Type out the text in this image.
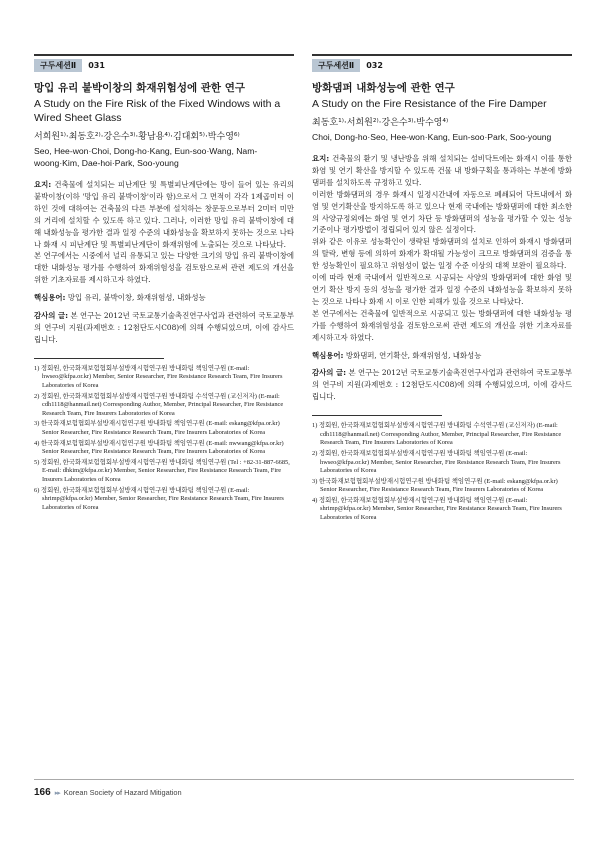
구두세션Ⅱ	031
망입 유리 붙박이창의 화재위험성에 관한 연구
A Study on the Fire Risk of the Fixed Windows with a Wired Sheet Glass
서희원¹⁾·최동호²⁾·강은수³⁾·황남용⁴⁾·김대회⁵⁾·박수영⁶⁾
Seo, Hee-won·Choi, Dong-ho·Kang, Eun-soo·Wang, Nam-woong·Kim, Dae-hoi·Park, Soo-young

요지: 건축물에 설치되는 피난계단 및 특별피난계단에는 망이 들어 있는 유리의 붙박이창(이하 '망입 유리 붙박이창'이라 함)으로서 그 면적이 각각 1제곱미터 이하인 것에 대하여는 건축물의 다른 부분에 설치하는 창문등으로부터 2미터 미만의 거리에 설치할 수 있도록 하고 있다. 그러나, 이러한 망입 유리 붙박이창에 대해 내화성능을 평가한 결과 일정 수준의 내화성능을 확보하지 못하는 것으로 나타나 화재 시 피난계단 및 특별피난계단이 화재위험에 노출되는 것으로 나타났다.

본 연구에서는 시중에서 널리 유통되고 있는 다양한 크기의 망입 유리 붙박이창에 대한 내화성능 평가를 수행하여 화재위험성을 검토함으로써 관련 제도의 개선을 위한 기초자료를 제시하고자 하였다.

핵심용어: 망입 유리, 붙박이창, 화재위험성, 내화성능
감사의 글: 본 연구는 2012년 국토교통기술촉진연구사업과 관련하여 국토교통부의 연구비 지원(과제번호 : 12첨단도시C08)에 의해 수행되었으며, 이에 감사드립니다.
1) 정회원, 한국화재보험협회부설방재시험연구원 방내화팀 책임연구원 (E-mail: hwseo@kfpa.or.kr) Member, Senior Researcher, Fire Resistance Research Team, Fire Insurers Laboratories of Korea
2) 정회원, 한국화재보험협회부설방재시험연구원 방내화팀 수석연구원 (교신저자) (E-mail: cdh1118@hanmail.net) Corresponding Author, Member, Principal Researcher, Fire Resistance Research Team, Fire Insurers Laboratories of Korea
3) 한국화재보험협회부설방재시험연구원 방내화팀 책임연구원 (E-mail: eskang@kfpa.or.kr) Senior Researcher, Fire Resistance Research Team, Fire Insurers Laboratories of Korea
4) 한국화재보험협회부설방재시험연구원 방내화팀 책임연구원 (E-mail: nwwang@kfpa.or.kr) Senior Researcher, Fire Resistance Research Team, Fire Insurers Laboratories of Korea
5) 정회원, 한국화재보험협회부설방재시험연구원 방내화팀 책임연구원 (Tel : +82-31-887-6685, E-mail: dhkim@kfpa.or.kr) Member, Senior Researcher, Fire Resistance Research Team, Fire Insurers Laboratories of Korea
6) 정회원, 한국화재보험협회부설방재시험연구원 방내화팀 책임연구원 (E-mail: shrimp@kfpa.or.kr) Member, Senior Researcher, Fire Resistance Research Team, Fire Insurers Laboratories of Korea
구두세션Ⅱ	032
방화댐퍼 내화성능에 관한 연구
A Study on the Fire Resistance of the Fire Damper
최동호¹⁾·서희원²⁾·강은수³⁾·박수영⁴⁾
Choi, Dong-ho·Seo, Hee-won·Kang, Eun-soo·Park, Soo-young

요지: 건축물의 환기 및 냉난방을 위해 설치되는 설비닥트에는 화재시 이를 통한 화염 및 연기 확산을 방지할 수 있도록 건물 내 방화구획을 통과하는 부분에 방화댐퍼를 설치하도록 규정하고 있다.

이러한 방화댐퍼의 경우 화재시 일정시간내에 자동으로 폐쇄되어 닥트내에서 화염 및 연기확산을 방지하도록 하고 있으나 현재 국내에는 방화댐퍼에 대한 최소한의 사양규정외에는 화염 및 연기 차단 등 방화댐퍼의 성능을 평가할 수 있는 성능기준이나 평가방법이 정립되어 있지 않은 실정이다.

위와 같은 이유로 성능확인이 생략된 방화댐퍼의 설치로 인하여 화재시 방화댐퍼의 탈락, 변형 등에 의하여 화재가 확대될 가능성이 크므로 방화댐퍼의 검증을 통한 성능확인이 필요하고 위험성이 없는 일정 수준 이상의 대책 보완이 필요하다.

이에 따라 현재 국내에서 일반적으로 시공되는 사양의 방화댐퍼에 대한 화염 및 연기 확산 방지 등의 성능을 평가한 결과 일정 수준의 내화성능을 확보하지 못하는 것으로 나타나 화재 시 이로 인한 피해가 있을 것으로 나타났다.

본 연구에서는 건축물에 일반적으로 시공되고 있는 방화댐퍼에 대한 내화성능 평가를 수행하여 화재위험성을 검토함으로써 관련 제도의 개선을 위한 기초자료를 제시하고자 하였다.

핵심용어: 방화댐퍼, 연기확산, 화재위험성, 내화성능
감사의 글: 본 연구는 2012년 국토교통기술촉진연구사업과 관련하여 국토교통부의 연구비 지원(과제번호 : 12첨단도시C08)에 의해 수행되었으며, 이에 감사드립니다.
1) 정회원, 한국화재보험협회부설방재시험연구원 방내화팀 수석연구원 (교신저자) (E-mail: cdh1118@hanmail.net) Corresponding Author, Member, Principal Researcher, Fire Resistance Research Team, Fire Insurers Laboratories of Korea
2) 정회원, 한국화재보험협회부설방재시험연구원 방내화팀 책임연구원 (E-mail: hwseo@kfpa.or.kr) Member, Senior Researcher, Fire Resistance Research Team, Fire Insurers Laboratories of Korea
3) 한국화재보험협회부설방재시험연구원 방내화팀 책임연구원 (E-mail: eskang@kfpa.or.kr) Senior Researcher, Fire Resistance Research Team, Fire Insurers Laboratories of Korea
4) 정회원, 한국화재보험협회부설방재시험연구원 방내화팀 책임연구원 (E-mail: shrimp@kfpa.or.kr) Member, Senior Researcher, Fire Resistance Research Team, Fire Insurers Laboratories of Korea
166 ▸▸ Korean Society of Hazard Mitigation
